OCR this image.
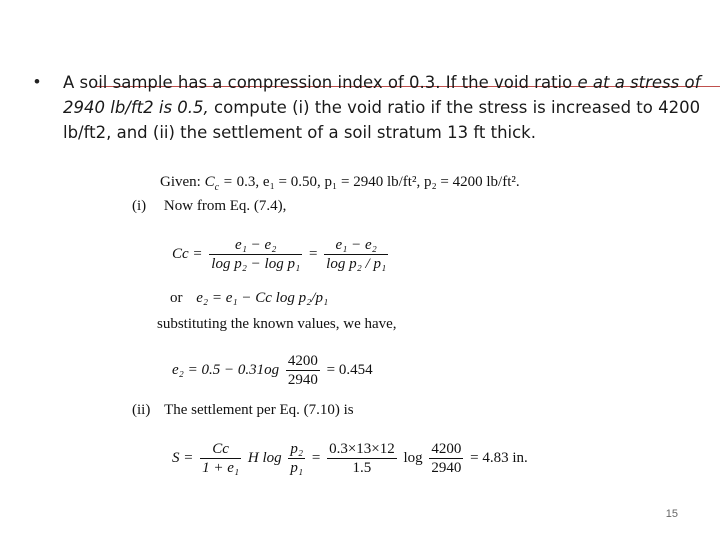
• A soil sample has a compression index of 0.3. If the void ratio e at a stress of 2940 lb/ft2 is 0.5, compute (i) the void ratio if the stress is increased to 4200 lb/ft2, and (ii) the settlement of a soil stratum 13 ft thick.
Given: $C_c = 0.3$, e₁ = 0.50, p₁ = 2940 lb/ft², p₂ = 4200 lb/ft².
(i) Now from Eq. (7.4),
$Cc = \frac{\text{e₁ − e₂}}{\text{log p₂ − log p₁}} = \frac{\text{e₁ − e₂}}{\text{log p₂ / p₁}}$
or e₂ = e₁ − Cc log p₂/p₁
substituting the known values, we have,
$e_2 = 0.5 - 0.31og \frac{4200}{2940} = 0.454$
(ii) The settlement per Eq. (7.10) is
$S = \frac{Cc}{\text{1 + e₁}}$ H $\log \frac{\text{p₂}}{\text{p₁}} = \frac{0.3\times 13\times 12}{1.5}$ $\log \frac{4200}{2940} = 4.83$ in.
15
